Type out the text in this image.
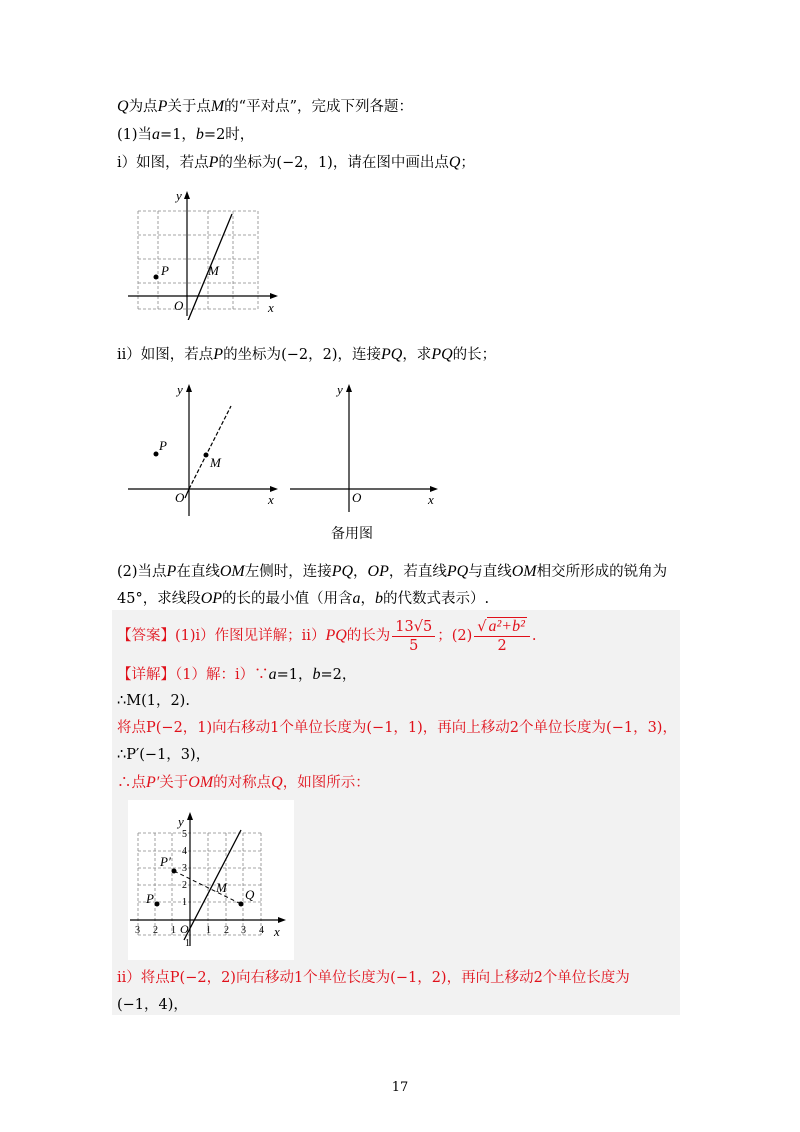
Q为点P关于点M的“平对点”，完成下列各题：
(1)当a=1，b=2时，
ⅰ）如图，若点P的坐标为(−2，1)，请在图中画出点Q；
P	M
O	x
y
ⅱ）如图，若点P的坐标为(−2，2)，连接PQ，求PQ的长；
P
M
O	x
y
O	x
y
备用图
(2)当点P在直线OM左侧时，连接PQ，OP，若直线PQ与直线OM相交所形成的锐角为
45°，求线段OP的长的最小值（用含a，b的代数式表示）.
【答案】(1)ⅰ）作图见详解；ⅱ）PQ的长为 $\frac{13√5}{5}$ ；$(2) \frac{\text{√ a²+b²}}{2}$ .
【详解】（1）解：ⅰ）∵a=1，b=2，
∴M(1，2).
将点P(−2，1)向右移动1个单位长度为(−1，1)，再向上移动2个单位长度为(−1，3)，
∴P′(−1，3)，
∴点P′关于OM的对称点Q，如图所示：
P
P′
M Q
O	x
y
3 2 1	1 2 3 4
5
4
3
2
1
1
ⅱ）将点P(−2，2)向右移动1个单位长度为(−1，2)，再向上移动2个单位长度为
(−1，4)，
17
